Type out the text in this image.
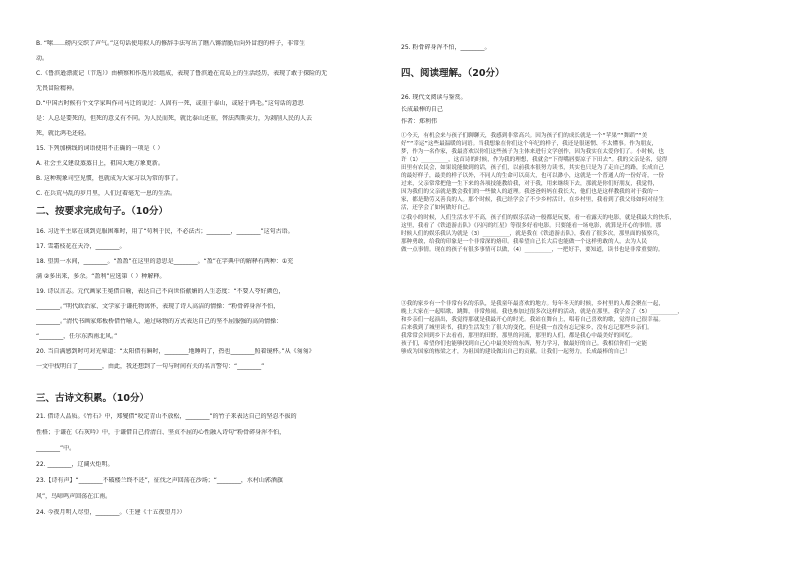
B. “嗦……磅内交织了声气。”这句话使用拟人的修辞手法写出了瞧八锵清脆后向外冒泡的样子，非常生
动。
C.《鲁滨逊漂流记（节选）》由横察和作选片段组成，表现了鲁滨逊在荒岛上的生活经历，表现了敢于探险的无
无畏冒险精神。
D.“中国古时候有个文学家叫作司马迁的说过：人固有一死，或重于泰山，或轻于鸿毛。”这句话的意思
是：人总是要死的，但死的意义有不同。为人民而死，就比泰山还重，替法西斯卖力，为剥削人民的人去
死，就比鸿毛还轻。
15. 下列加横线的词语使用不正确的一项是（ ）
A. 社会主义建设蒸蒸日上，祖国大地万象更新。
B. 这种现象司空见惯，也就成为大家习以为常的事了。
C. 在兵荒马乱的岁月里，人们过着毫无一息的生活。
二、按要求完成句子。（10分）
16. 习近平主席在谈到克服困难时，用了“苟利于民，不必法古；________，________”这句古语。
17. 雪霜枝花在天冷，________。
18. 望黑一水间，________。“盈盈”在这里的意思是________。“盈”在字典中的解释有两种：①充
满 ②多出来，多余。“盈利”应选第（ ）种解释。
19. 诗以言志。元代画家王冕借自喻，表达自己不向世俗献媚的人生态度：“不要人夸好颜色，
________。”明代政治家、文学家于谦托物寓怀，表现了诗人高洁的情操：“粉骨碎身浑不怕，
________。”清代书画家郑板桥借竹喻人，通过咏物的方式表达自己的坚不屈服强的高尚情操：
“________，任尔东西南北风。”
20. 当自满感到时可对光晕道：“太阳借有瞬时，________地睡吗了，热也________照着镜杯。”从《匆匆》
一文中找明白了________，由此，我还想到了一句与时间有关的名言警句：“________”
三、古诗文积累。（10分）
21. 借诗人品质。《竹石》中，郑燮借“咬定青山不放松，________”的竹子来表达自己的坚忍不拔的
性格；于谦在《石灰吟》中，于谦借自己持清白、坚贞不屈的心性融入诗句“粉骨碎身浑不怕，
________”中。
22. ________，辽阔火炬明。
23.【诗有声】“________不破楼兰终不还”，征伐之声回荡在沙场；“________，水村山郭酒旗
风”，鸟啼鸣声回荡在江南。
24. 今夜月明人尽望，________。（王建《十五夜望月》）
25. 粉骨碎身浑不怕，________。
四、阅读理解。（20分）
26. 现代文阅读与鉴赏。
长成最棒的自己
作者：郑利伟
①今天，有机会来与孩子们聊聊天，我感到非常高兴。因为孩子们的成长就是一个“苹果”“舞蹈”“美
好”“幸运”这些最温暖的词语。当我想象在你们这个年纪的样子，我还是很迷惘、不太懂事。作为朋友，
梦，作为一名作家，我最喜欢以你们这些孩子为主体来进行文学创作，因为我实在太爱你们了。小时候，也
许（1）________，这首诗的时候，作为我的理想，我就会“下得嘴唇要凉子下田去”。我的父亲是名，觉得
田里有农民会，如果说能做到的话，孩子们，以前我本很努力读书，其实也只是为了走自己的路，长成自己
的最好样子，最美的样子以外，不同人的生命可以高大，也可以渺小，这就是一个普通人的一份好奇，一份
过来，父亲常常把他一生下来的各项技能教给我，对于我，用来继续下去，那就是你们好朋友，我觉得，
因为我们的父亲就是教会我们的一些做人的道理。我爸爸妈妈在我长大，他们也是这样教我的对于我的一
家，都是勤劳又善良的人。那个时候，我已经学会了不少乡村活计，在乡村里，我看到了我父母如何对待生
活，还学会了如何做好自己。
②我小的时候，人们生活水平不高，孩子们的娱乐活动一般都是玩耍，看一看露天的电影，就是我最大的快乐，
这里，我看了《铁道游击队》《闪闪的红星》等很多好看电影。只要能看一场电影，就算是开心的事情。那
时候人们的娱乐我认为就是（3）________，就是我在《铁道游击队》，我看了很多次，那里面的侦察兵，
那种勇敢，给我的印象是一个非常深的烙印。我希望自己长大后也能做一个这样勇敢的人，去为人民
做一点事情。现在的孩子有很多事情可以做，（4）________，一把好手，要知道，读书也是非常重要的。
③我的家乡有一个非常有名的乐队，是我童年最喜欢的地方。每年冬天的时候，乡村里的人都会聚在一起，
晚上大家在一起唱歌、跳舞，非常热闹。我也参加过很多次这样的活动，就是在那里，我学会了（5）________，
和乡亲们一起演出，我觉得那就是我最开心的时光。我站在舞台上，唱着自己喜欢的歌，觉得自己很幸福。
后来我到了城里读书，我的生活发生了很大的变化，但是我一直没有忘记家乡，没有忘记那些乡亲们。
我常常会回到乡下去看看，那里的田野，那里的河流，那里的人们，都是我心中最美好的回忆。
孩子们，希望你们也能够找到自己心中最美好的东西，努力学习，做最好的自己。我相信你们一定能
够成为国家的栋梁之才，为祖国的建设做出自己的贡献。让我们一起努力，长成最棒的自己！
